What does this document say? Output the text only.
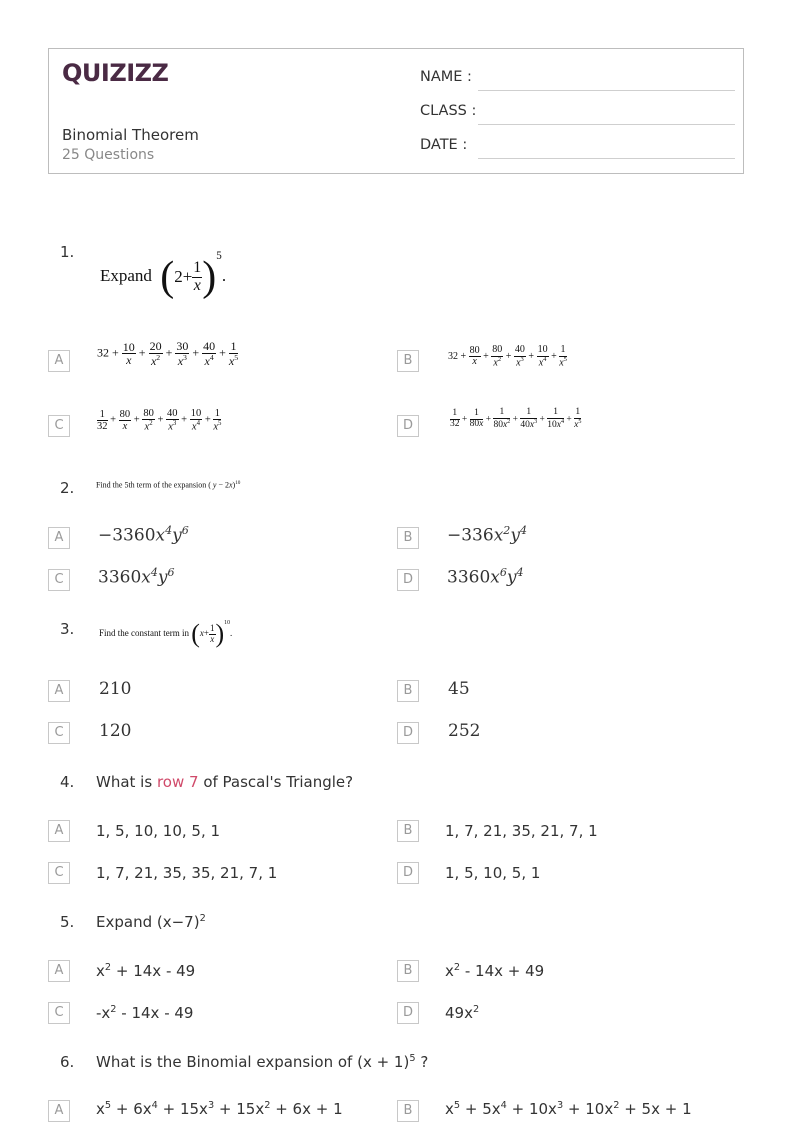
QUIZIZZ
Binomial Theorem
25 Questions
NAME :
CLASS :
DATE :
1.
Expand $(2+ \frac{1}{x} )^5$.
A
$32 + \frac{10}{x} + \frac{20}{x^2} + \frac{30}{x^3} + \frac{40}{x^4} + \frac{1}{x^5}$	B	$32 + \frac{80}{x} + \frac{80}{x^2} + \frac{40}{x^3} + \frac{10}{x^4} + \frac{1}{x^5}$
C	$\frac{1}{32} + \frac{80}{x} + \frac{80}{x^2} + \frac{40}{x^3} + \frac{10}{x^4} + \frac{1}{x^5}$	D	$\frac{1}{32} + \frac{1}{80x} + \frac{1}{80x^2} + \frac{1}{40x^3} + \frac{1}{10x^4} + \frac{1}{x^5}$
2.	Find the 5th term of the expansion ( y − 2x)$^{10}$
A	$-3360x^4y^6$	B	$-336x^2y^4$
C	$3360x^4y^6$	D	$3360x^6y^4$
3.	Find the constant term in $(x+ \frac{1}{x} )^{10}$.
A	210	B	45
C	120	D	252
4. What is row 7 of Pascal's Triangle?
A	1, 5, 10, 10, 5, 1	B	1, 7, 21, 35, 21, 7, 1
C	1, 7, 21, 35, 35, 21, 7, 1	D	1, 5, 10, 5, 1
5. Expand $(x-7)^2$
A	$x^2 + 14x - 49$	B	$x^2 - 14x + 49$
C	$-x^2 - 14x - 49$	D	$49x^2$
6. What is the Binomial expansion of $(x + 1)^5$ ?
A	$x^5 + 6x^4 + 15x^3 + 15x^2 + 6x + 1$	B	$x^5 + 5x^4 + 10x^3 + 10x^2 + 5x + 1$
